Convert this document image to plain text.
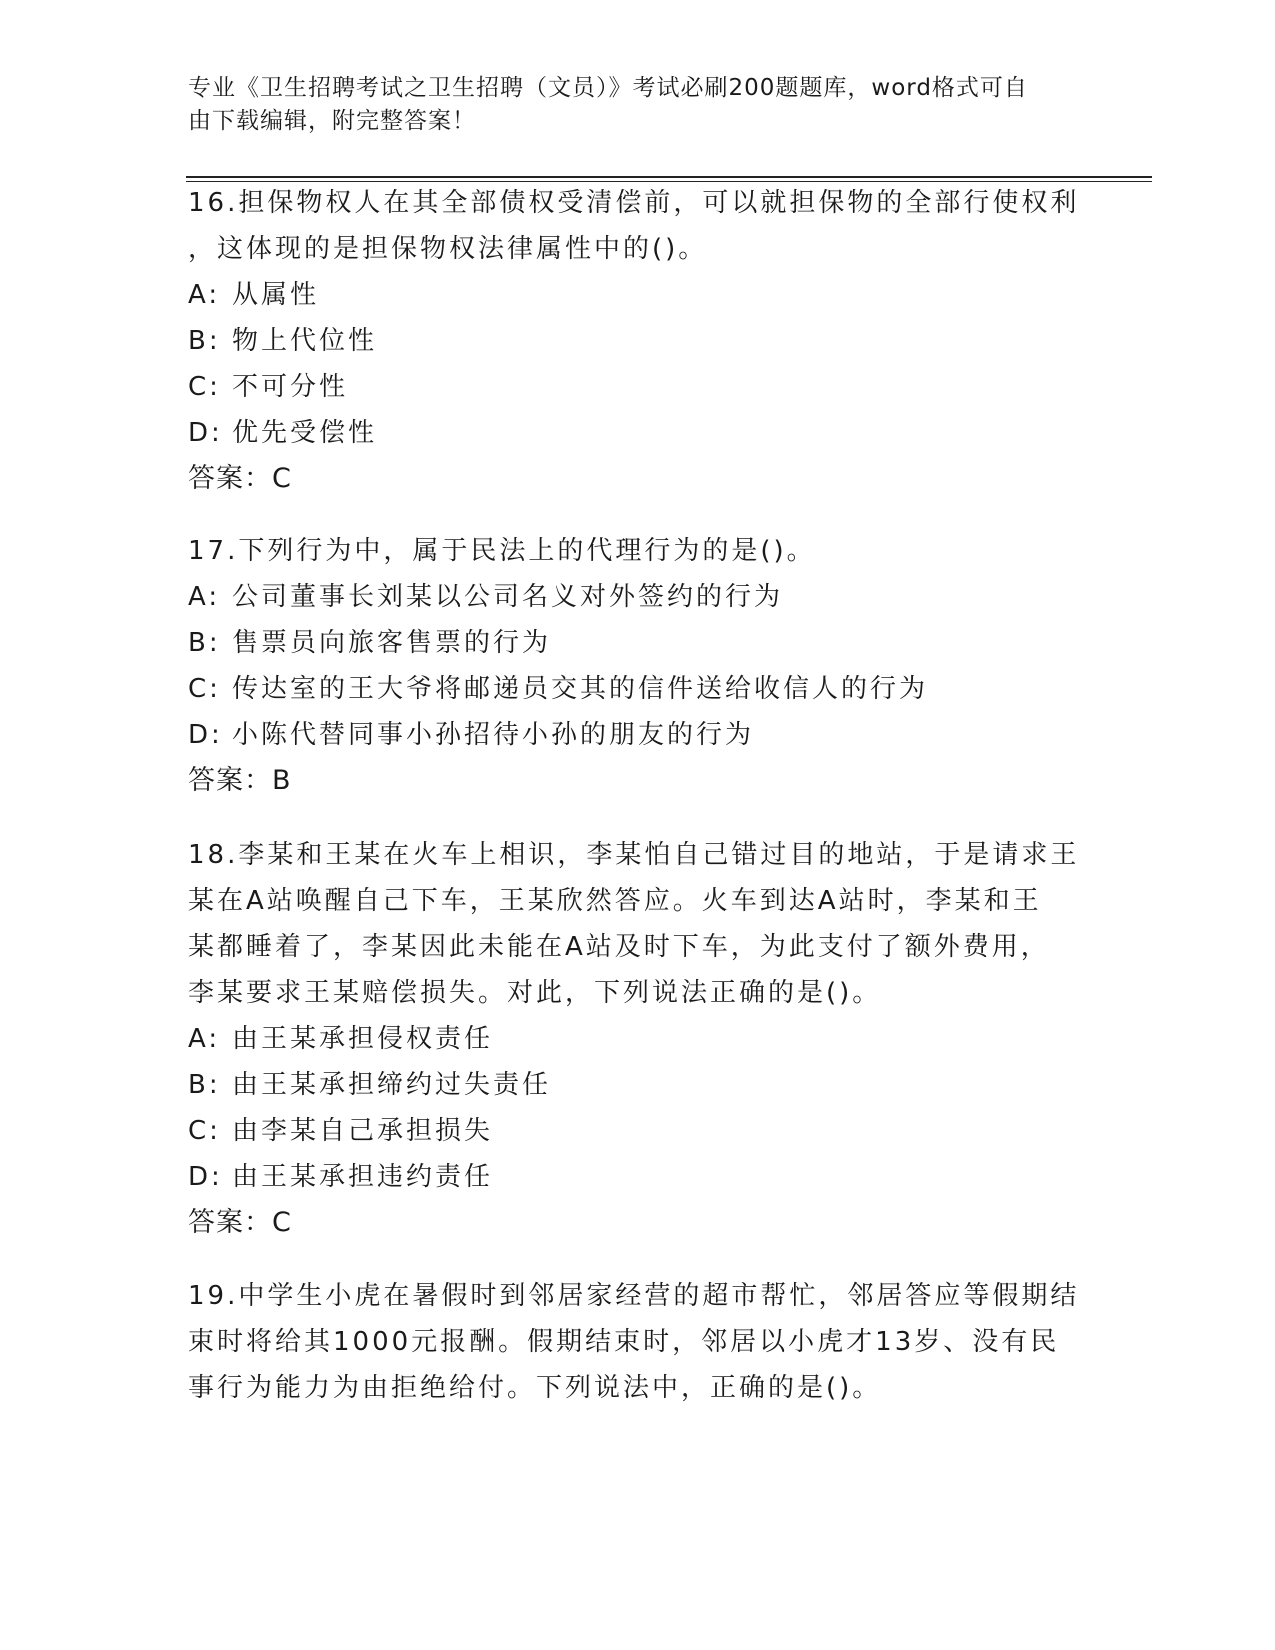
专业《卫生招聘考试之卫生招聘（文员）》考试必刷200题题库，word格式可自
由下载编辑，附完整答案！
16.担保物权人在其全部债权受清偿前，可以就担保物的全部行使权利
，这体现的是担保物权法律属性中的()。
A: 从属性
B: 物上代位性
C: 不可分性
D: 优先受偿性
答案：C
17.下列行为中，属于民法上的代理行为的是()。
A: 公司董事长刘某以公司名义对外签约的行为
B: 售票员向旅客售票的行为
C: 传达室的王大爷将邮递员交其的信件送给收信人的行为
D: 小陈代替同事小孙招待小孙的朋友的行为
答案：B
18.李某和王某在火车上相识，李某怕自己错过目的地站，于是请求王
某在A站唤醒自己下车，王某欣然答应。火车到达A站时，李某和王
某都睡着了，李某因此未能在A站及时下车，为此支付了额外费用，
李某要求王某赔偿损失。对此，下列说法正确的是()。
A: 由王某承担侵权责任
B: 由王某承担缔约过失责任
C: 由李某自己承担损失
D: 由王某承担违约责任
答案：C
19.中学生小虎在暑假时到邻居家经营的超市帮忙，邻居答应等假期结
束时将给其1000元报酬。假期结束时，邻居以小虎才13岁、没有民
事行为能力为由拒绝给付。下列说法中，正确的是()。
